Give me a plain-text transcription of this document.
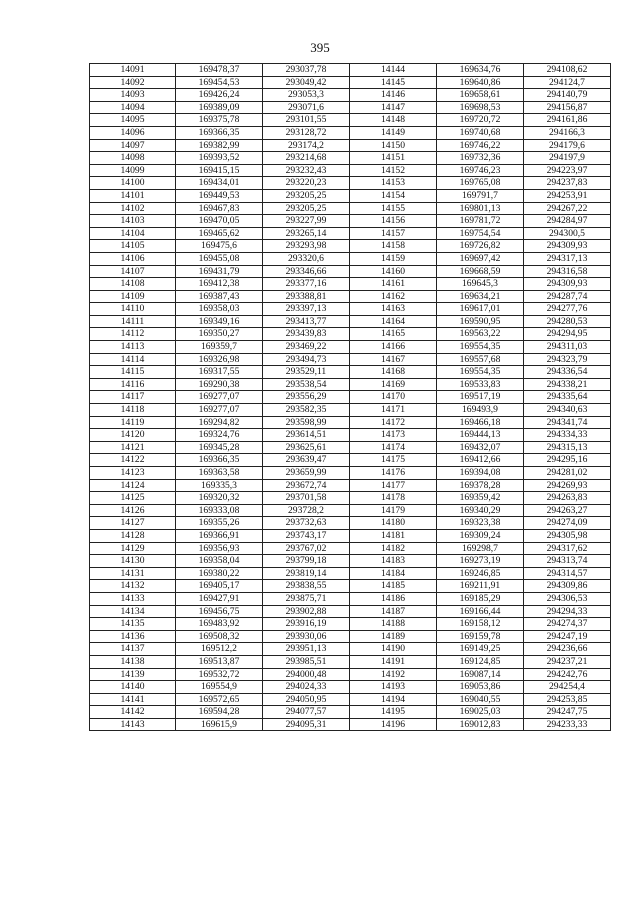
395
14091	169478,37	293037,78	14144	169634,76	294108,62
14092	169454,53	293049,42	14145	169640,86	294124,7
14093	169426,24	293053,3	14146	169658,61	294140,79
14094	169389,09	293071,6	14147	169698,53	294156,87
14095	169375,78	293101,55	14148	169720,72	294161,86
14096	169366,35	293128,72	14149	169740,68	294166,3
14097	169382,99	293174,2	14150	169746,22	294179,6
14098	169393,52	293214,68	14151	169732,36	294197,9
14099	169415,15	293232,43	14152	169746,23	294223,97
14100	169434,01	293220,23	14153	169765,08	294237,83
14101	169449,53	293205,25	14154	169791,7	294253,91
14102	169467,83	293205,25	14155	169801,13	294267,22
14103	169470,05	293227,99	14156	169781,72	294284,97
14104	169465,62	293265,14	14157	169754,54	294300,5
14105	169475,6	293293,98	14158	169726,82	294309,93
14106	169455,08	293320,6	14159	169697,42	294317,13
14107	169431,79	293346,66	14160	169668,59	294316,58
14108	169412,38	293377,16	14161	169645,3	294309,93
14109	169387,43	293388,81	14162	169634,21	294287,74
14110	169358,03	293397,13	14163	169617,01	294277,76
14111	169349,16	293413,77	14164	169590,95	294280,53
14112	169350,27	293439,83	14165	169563,22	294294,95
14113	169359,7	293469,22	14166	169554,35	294311,03
14114	169326,98	293494,73	14167	169557,68	294323,79
14115	169317,55	293529,11	14168	169554,35	294336,54
14116	169290,38	293538,54	14169	169533,83	294338,21
14117	169277,07	293556,29	14170	169517,19	294335,64
14118	169277,07	293582,35	14171	169493,9	294340,63
14119	169294,82	293598,99	14172	169466,18	294341,74
14120	169324,76	293614,51	14173	169444,13	294334,33
14121	169345,28	293625,61	14174	169432,07	294315,13
14122	169366,35	293639,47	14175	169412,66	294295,16
14123	169363,58	293659,99	14176	169394,08	294281,02
14124	169335,3	293672,74	14177	169378,28	294269,93
14125	169320,32	293701,58	14178	169359,42	294263,83
14126	169333,08	293728,2	14179	169340,29	294263,27
14127	169355,26	293732,63	14180	169323,38	294274,09
14128	169366,91	293743,17	14181	169309,24	294305,98
14129	169356,93	293767,02	14182	169298,7	294317,62
14130	169358,04	293799,18	14183	169273,19	294313,74
14131	169380,22	293819,14	14184	169246,85	294314,57
14132	169405,17	293838,55	14185	169211,91	294309,86
14133	169427,91	293875,71	14186	169185,29	294306,53
14134	169456,75	293902,88	14187	169166,44	294294,33
14135	169483,92	293916,19	14188	169158,12	294274,37
14136	169508,32	293930,06	14189	169159,78	294247,19
14137	169512,2	293951,13	14190	169149,25	294236,66
14138	169513,87	293985,51	14191	169124,85	294237,21
14139	169532,72	294000,48	14192	169087,14	294242,76
14140	169554,9	294024,33	14193	169053,86	294254,4
14141	169572,65	294050,95	14194	169040,55	294253,85
14142	169594,28	294077,57	14195	169025,03	294247,75
14143	169615,9	294095,31	14196	169012,83	294233,33
